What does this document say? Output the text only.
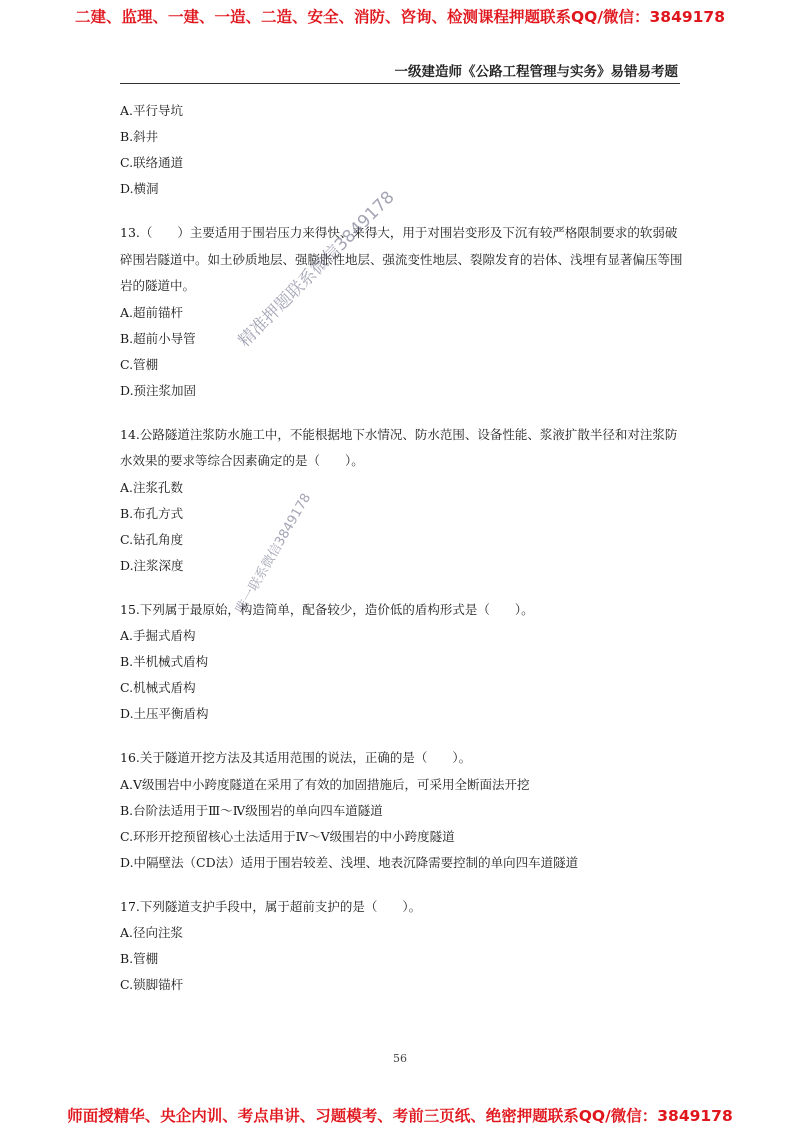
二建、监理、一建、一造、二造、安全、消防、咨询、检测课程押题联系QQ/微信：3849178
一级建造师《公路工程管理与实务》易错易考题
A.平行导坑
B.斜井
C.联络通道
D.横洞
13.（　　）主要适用于围岩压力来得快、来得大，用于对围岩变形及下沉有较严格限制要求的软弱破碎围岩隧道中。如土砂质地层、强膨胀性地层、强流变性地层、裂隙发育的岩体、浅埋有显著偏压等围岩的隧道中。
A.超前锚杆
B.超前小导管
C.管棚
D.预注浆加固
14.公路隧道注浆防水施工中，不能根据地下水情况、防水范围、设备性能、浆液扩散半径和对注浆防水效果的要求等综合因素确定的是（　　）。
A.注浆孔数
B.布孔方式
C.钻孔角度
D.注浆深度
15.下列属于最原始，构造简单，配备较少，造价低的盾构形式是（　　）。
A.手掘式盾构
B.半机械式盾构
C.机械式盾构
D.土压平衡盾构
16.关于隧道开挖方法及其适用范围的说法，正确的是（　　）。
A.Ⅴ级围岩中小跨度隧道在采用了有效的加固措施后，可采用全断面法开挖
B.台阶法适用于Ⅲ～Ⅳ级围岩的单向四车道隧道
C.环形开挖预留核心土法适用于Ⅳ～Ⅴ级围岩的中小跨度隧道
D.中隔壁法（CD法）适用于围岩较差、浅埋、地表沉降需要控制的单向四车道隧道
17.下列隧道支护手段中，属于超前支护的是（　　）。
A.径向注浆
B.管棚
C.锁脚锚杆
精准押题联系微信3849178
唯一联系微信3849178
56
师面授精华、央企内训、考点串讲、习题模考、考前三页纸、绝密押题联系QQ/微信：3849178
